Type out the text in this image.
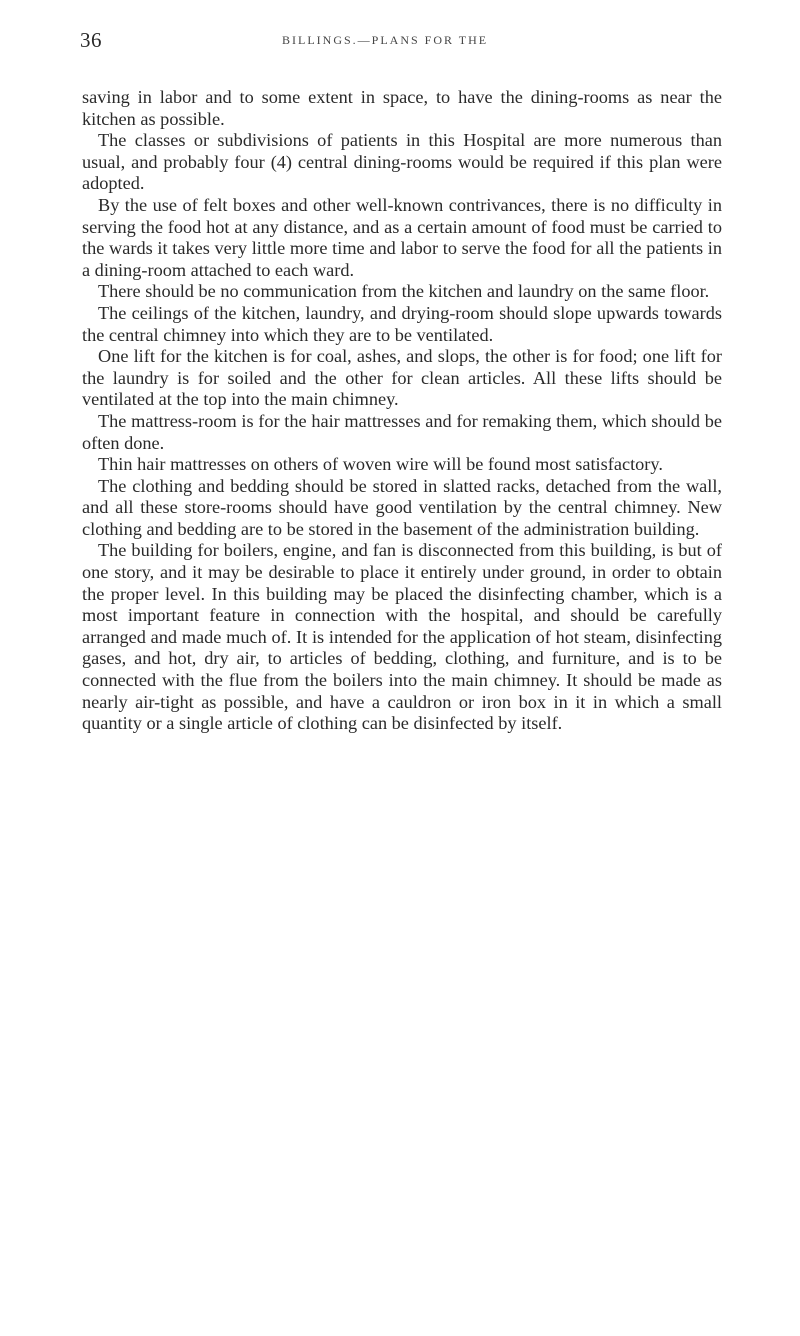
36	BILLINGS.—PLANS FOR THE

saving in labor and to some extent in space, to have the dining-rooms as near the kitchen as possible.

The classes or subdivisions of patients in this Hospital are more numerous than usual, and probably four (4) central dining-rooms would be required if this plan were adopted.

By the use of felt boxes and other well-known contrivances, there is no difficulty in serving the food hot at any distance, and as a certain amount of food must be carried to the wards it takes very little more time and labor to serve the food for all the patients in a dining-room attached to each ward.

There should be no communication from the kitchen and laundry on the same floor.

The ceilings of the kitchen, laundry, and drying-room should slope upwards towards the central chimney into which they are to be ventilated.

One lift for the kitchen is for coal, ashes, and slops, the other is for food; one lift for the laundry is for soiled and the other for clean articles. All these lifts should be ventilated at the top into the main chimney.

The mattress-room is for the hair mattresses and for remaking them, which should be often done.

Thin hair mattresses on others of woven wire will be found most satisfactory.

The clothing and bedding should be stored in slatted racks, detached from the wall, and all these store-rooms should have good ventilation by the central chimney. New clothing and bedding are to be stored in the basement of the administration building.

The building for boilers, engine, and fan is disconnected from this building, is but of one story, and it may be desirable to place it entirely under ground, in order to obtain the proper level. In this building may be placed the disinfecting chamber, which is a most important feature in connection with the hospital, and should be carefully arranged and made much of. It is intended for the application of hot steam, disinfecting gases, and hot, dry air, to articles of bedding, clothing, and furniture, and is to be connected with the flue from the boilers into the main chimney. It should be made as nearly air-tight as possible, and have a cauldron or iron box in it in which a small quantity or a single article of clothing can be disinfected by itself.
